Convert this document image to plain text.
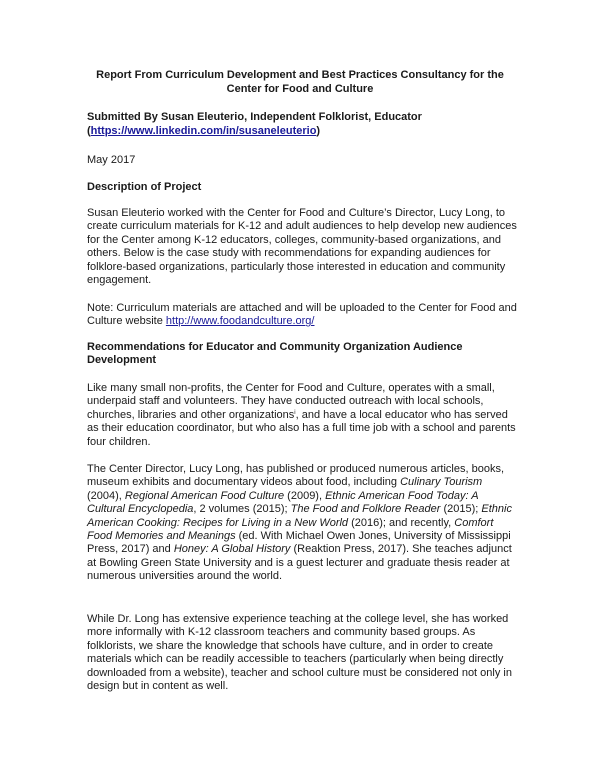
Report From Curriculum Development and Best Practices Consultancy for the Center for Food and Culture
Submitted By Susan Eleuterio, Independent Folklorist, Educator
(https://www.linkedin.com/in/susaneleuterio)
May 2017
Description of Project
Susan Eleuterio worked with the Center for Food and Culture’s Director, Lucy Long, to create curriculum materials for K-12 and adult audiences to help develop new audiences for the Center among K-12 educators, colleges, community-based organizations, and others. Below is the case study with recommendations for expanding audiences for folklore-based organizations, particularly those interested in education and community engagement.
Note: Curriculum materials are attached and will be uploaded to the Center for Food and Culture website http://www.foodandculture.org/
Recommendations for Educator and Community Organization Audience Development
Like many small non-profits, the Center for Food and Culture, operates with a small, underpaid staff and volunteers. They have conducted outreach with local schools, churches, libraries and other organizations$^i$, and have a local educator who has served as their education coordinator, but who also has a full time job with a school and parents four children.
The Center Director, Lucy Long, has published or produced numerous articles, books, museum exhibits and documentary videos about food, including Culinary Tourism (2004), Regional American Food Culture (2009), Ethnic American Food Today: A Cultural Encyclopedia, 2 volumes (2015); The Food and Folklore Reader (2015); Ethnic American Cooking: Recipes for Living in a New World (2016); and recently, Comfort Food Memories and Meanings (ed. With Michael Owen Jones, University of Mississippi Press, 2017) and Honey: A Global History (Reaktion Press, 2017). She teaches adjunct at Bowling Green State University and is a guest lecturer and graduate thesis reader at numerous universities around the world.
While Dr. Long has extensive experience teaching at the college level, she has worked more informally with K-12 classroom teachers and community based groups. As folklorists, we share the knowledge that schools have culture, and in order to create materials which can be readily accessible to teachers (particularly when being directly downloaded from a website), teacher and school culture must be considered not only in design but in content as well.
